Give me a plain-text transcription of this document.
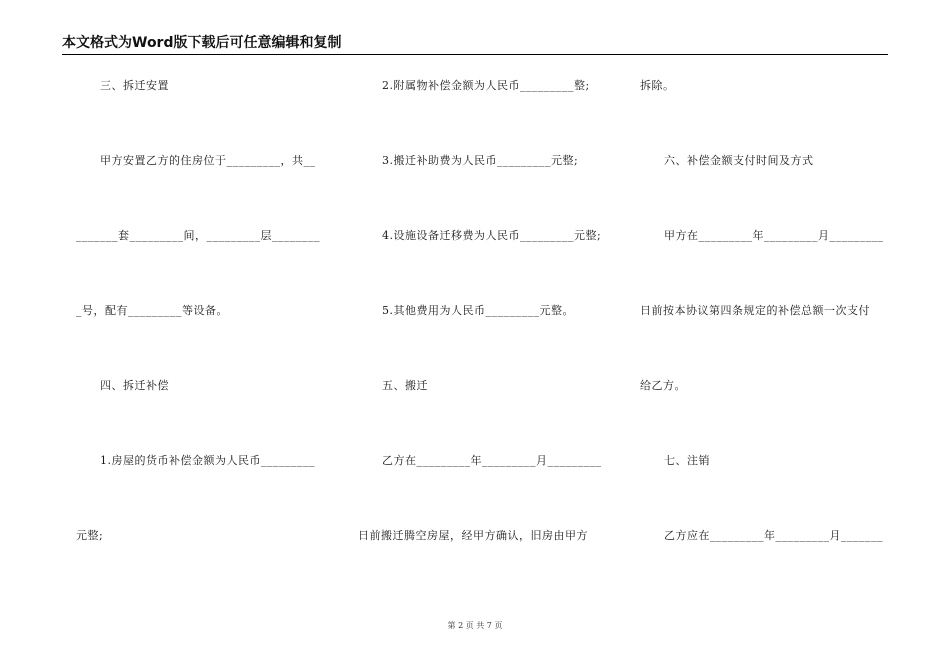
本文格式为Word版下载后可任意编辑和复制
三、拆迁安置
甲方安置乙方的住房位于_________，共__
_______套_________间，_________层________
_号，配有_________等设备。
四、拆迁补偿
1.房屋的货币补偿金额为人民币_________
元整;
2.附属物补偿金额为人民币_________整;
3.搬迁补助费为人民币_________元整;
4.设施设备迁移费为人民币_________元整;
5.其他费用为人民币_________元整。
五、搬迁
乙方在_________年_________月_________
日前搬迁腾空房屋，经甲方确认，旧房由甲方
拆除。
六、补偿金额支付时间及方式
甲方在_________年_________月_________
日前按本协议第四条规定的补偿总额一次支付
给乙方。
七、注销
乙方应在_________年_________月_______
第 2 页 共 7 页
